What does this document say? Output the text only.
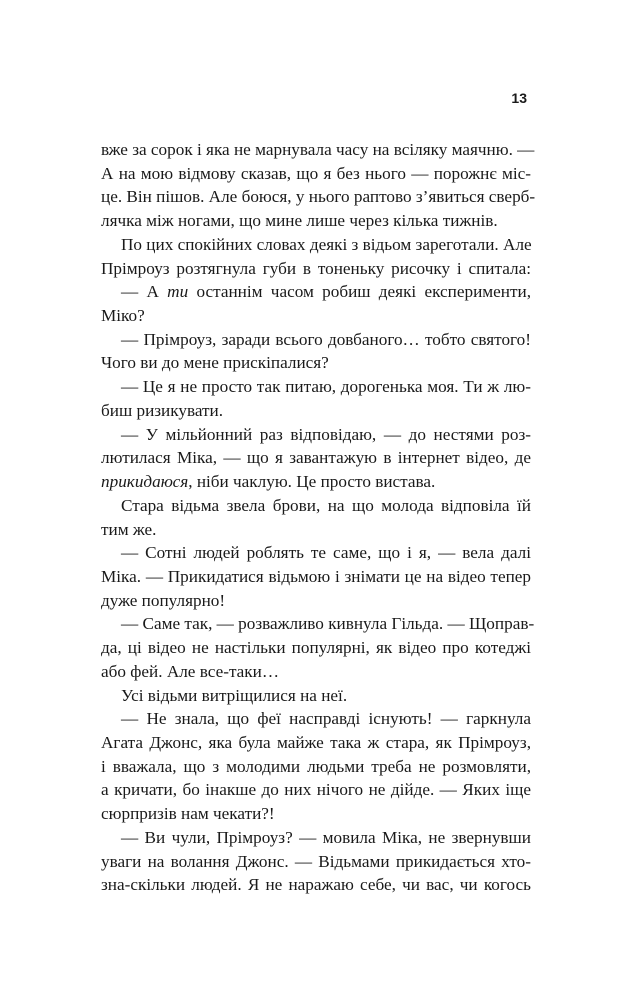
13
вже за сорок і яка не марнувала часу на всіляку маячню. —
А на мою відмову сказав, що я без нього — порожнє міс-
це. Він пішов. Але боюся, у нього раптово з’явиться сверб-
лячка між ногами, що мине лише через кілька тижнів.
По цих спокійних словах деякі з відьом зареготали. Але
Прімроуз розтягнула губи в тоненьку рисочку і спитала:
— А ти останнім часом робиш деякі експерименти,
Міко?
— Прімроуз, заради всього довбаного… тобто святого!
Чого ви до мене прискіпалися?
— Це я не просто так питаю, дорогенька моя. Ти ж лю-
биш ризикувати.
— У мільйонний раз відповідаю, — до нестями роз-
лютилася Міка, — що я завантажую в інтернет відео, де
прикидаюся, ніби чаклую. Це просто вистава.
Стара відьма звела брови, на що молода відповіла їй
тим же.
— Сотні людей роблять те саме, що і я, — вела далі
Міка. — Прикидатися відьмою і знімати це на відео тепер
дуже популярно!
— Саме так, — розважливо кивнула Гільда. — Щоправ-
да, ці відео не настільки популярні, як відео про котеджі
або фей. Але все-таки…
Усі відьми витріщилися на неї.
— Не знала, що феї насправді існують! — гаркнула
Агата Джонс, яка була майже така ж стара, як Прімроуз,
і вважала, що з молодими людьми треба не розмовляти,
а кричати, бо інакше до них нічого не дійде. — Яких іще
сюрпризів нам чекати?!
— Ви чули, Прімроуз? — мовила Міка, не звернувши
уваги на волання Джонс. — Відьмами прикидається хто-
зна-скільки людей. Я не наражаю себе, чи вас, чи когось
